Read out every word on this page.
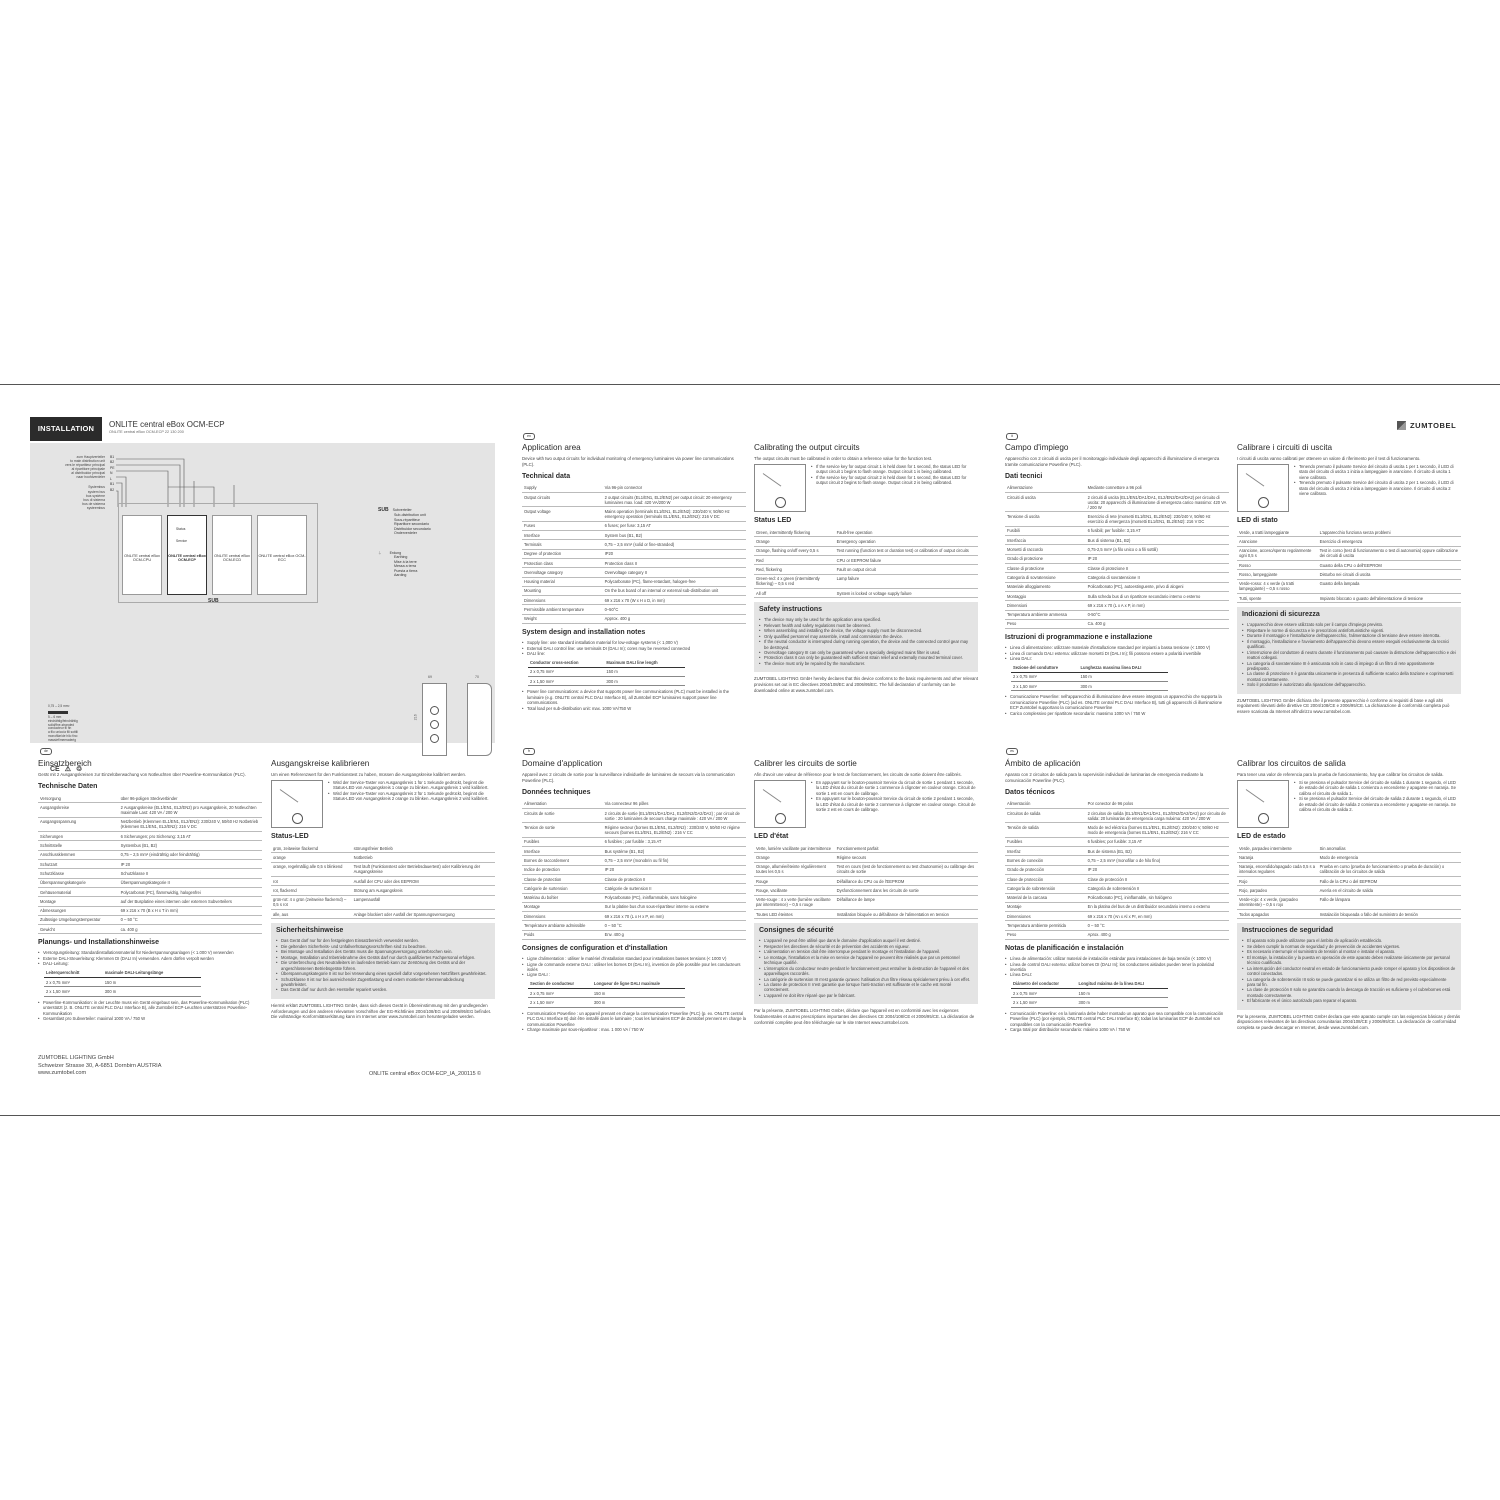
INSTALLATION	ONLITE central eBox OCM-ECP
ONLITE central eBox OCM-ECP 22 130 200
ZUMTOBEL
zum Hauptverteiler
to main distribution unit
vers le répartiteur principal
al ripartitore principale
al distribuidor principal
naar hoofdverdeler
Systembus
system bus
bus système
bus di sistema
bus de sistema
systeembus
B1
B2
PE
N
L
B1
B2
ONLITE central eBox OCM-CPU
Status
Service
ONLITE central eBox OCM-ECP
ONLITE central eBox OCM-ECD
ONLITE central eBox OCM-ECC
SUB
SUB Subverteiler
Sub-distribution unit
Sous-répartiteur
Ripartitore secondario
Distribuidor secundario
Onderverdeler
⏚ Erdung
Earthing
Mise à la terre
Messa a terra
Puesta a tierra
Aarding
0,75 – 2,5 mm²
5 – 6 mm
eindrähtig/feindrähtig
solid/fine-stranded
conducteur fil fin
a filo unico/a fili sottili
monofilar/de hilo fino
massief/meeraderig
CE ⚠ ♲
69	70
216
de
Einsatzbereich

Gerät mit 2 Ausgangskreisen zur Einzelüberwachung von Notleuchten über Powerline-Kommunikation (PLC).

Technische Daten
Versorgung	über 96-poligen Steckverbinder
Ausgangskreise	2 Ausgangskreise (EL1/EN1, EL2/EN2) pro Ausgangskreis, 20 Notleuchten maximale Last: 420 VA / 200 W
Ausgangsspannung	Netzbetrieb (Klemmen EL1/EN1, EL2/EN2): 230/240 V, 50/60 Hz Notbetrieb (Klemmen EL1/EN1, EL2/EN2): 216 V DC
Sicherungen	6 Sicherungen; pro Sicherung: 3,15 AT
Schnittstelle	Systembus (B1, B2)
Anschlussklemmen	0,75 – 2,5 mm² (eindrähtig oder feindrähtig)
Schutzart	IP 20
Schutzklasse	Schutzklasse II
Überspannungskategorie	Überspannungskategorie II
Gehäusematerial	Polycarbonat (PC), flammwidrig, halogenfrei
Montage	auf der Busplatine eines internen oder externen Subverteilers
Abmessungen	69 x 216 x 70 (B x H x T in mm)
Zulässige Umgebungstemperatur	0 – 50 °C
Gewicht	ca. 400 g
Planungs- und Installationshinweise
• Versorgungsleitung: Standardinstallationsmaterial für Niederspannungsanlagen (< 1.000 V) verwenden
• Externe DALI-Steuerleitung: Klemmen DI (DALI In) verwenden. Adern dürfen verpolt werden
• DALI-Leitung:
Leiterquerschnitt	maximale DALI-Leitungslänge
2 x 0,75 mm²	150 m
2 x 1,50 mm²	300 m
• Powerline-Kommunikation: in der Leuchte muss ein Gerät eingebaut sein, das Powerline-Kommunikation (PLC) unterstützt (z. B. ONLITE central PLC DALI Interface B), alle Zumtobel ECP-Leuchten unterstützen Powerline-Kommunikation
• Gesamtlast pro Subverteiler: maximal 1000 VA / 750 W
ZUMTOBEL LIGHTING GmbH
Schweizer Strasse 30, A-6851 Dornbirn AUSTRIA
www.zumtobel.com
Ausgangskreise kalibrieren

Um einen Referenzwert für den Funktionstest zu haben, müssen die Ausgangskreise kalibriert werden.

• Wird der Service-Taster von Ausgangskreis 1 für 1 Sekunde gedrückt, beginnt die Status-LED von Ausgangskreis 1 orange zu blinken. Ausgangskreis 1 wird kalibriert.
• Wird der Service-Taster von Ausgangskreis 2 für 1 Sekunde gedrückt, beginnt die Status-LED von Ausgangskreis 2 orange zu blinken. Ausgangskreis 2 wird kalibriert.
Status-LED
grün, zeitweise flackernd	störungsfreier Betrieb
orange	Notbetrieb
orange, regelmäßig alle 0,5 s blinkend	Test läuft (Funktionstest oder Betriebsdauertest) oder Kalibrierung der Ausgangskreise
rot	Ausfall der CPU oder des EEPROM
rot, flackernd	Störung am Ausgangskreis
grün-rot: 4 x grün (zeitweise flackernd) – 0,5 s rot	Lampenausfall
alle, aus	Anlage blockiert oder Ausfall der Spannungsversorgung
Sicherheitshinweise
• Das Gerät darf nur für den festgelegten Einsatzbereich verwendet werden.
• Die geltenden Sicherheits- und Unfallverhütungsvorschriften sind zu beachten.
• Bei Montage und Installation des Geräts muss die Spannungsversorgung unterbrochen sein.
• Montage, Installation und Inbetriebnahme des Geräts darf nur durch qualifiziertes Fachpersonal erfolgen.
• Die Unterbrechung des Neutralleiters im laufenden Betrieb kann zur Zerstörung des Geräts und der angeschlossenen Betriebsgeräte führen.
• Überspannungskategorie II ist nur bei Verwendung eines speziell dafür vorgesehenen Netzfilters gewährleistet.
• Schutzklasse II ist nur bei ausreichender Zugentlastung und extern montierter Klemmenabdeckung gewährleistet.
• Das Gerät darf nur durch den Hersteller repariert werden.

Hiermit erklärt ZUMTOBEL LIGHTING GmbH, dass sich dieses Gerät in Übereinstimmung mit den grundlegenden Anforderungen und den anderen relevanten Vorschriften der EG-Richtlinien 2004/108/EG und 2006/95/EG befindet. Die vollständige Konformitätserklärung kann im Internet unter www.zumtobel.com heruntergeladen werden.

ONLITE central eBox OCM-ECP_IA_200115 ©
en
Application area

Device with two output circuits for individual monitoring of emergency luminaires via power line communications (PLC).

Technical data
Supply	Via 96-pin connector
Output circuits	2 output circuits (EL1/EN1, EL2/EN2) per output circuit: 20 emergency luminaires max. load: 420 VA/200 W
Output voltage	Mains operation (terminals EL1/EN1, EL2/EN2): 230/240 V, 50/60 Hz emergency operation (terminals EL1/EN1, EL2/EN2): 216 V DC
Fuses	6 fuses; per fuse: 3,15 AT
Interface	System bus (B1, B2)
Terminals	0,75 – 2,5 mm² (solid or fine-stranded)
Degree of protection	IP20
Protection class	Protection class II
Overvoltage category	Overvoltage category II
Housing material	Polycarbonate (PC), flame-retardant, halogen-free
Mounting	On the bus board of an internal or external sub-distribution unit
Dimensions	69 x 216 x 70 (W x H x D, in mm)
Permissible ambient temperature	0–50°C
Weight	Approx. 400 g
System design and installation notes
• Supply line: use standard installation material for low-voltage systems (< 1,000 V)
• External DALI control line: use terminals DI (DALI In); cores may be reversed connected
• DALI line:
Conductor cross-section	Maximum DALI line length
2 x 0,75 mm²	150 m
2 x 1,50 mm²	300 m
• Power line communications: a device that supports power line communications (PLC) must be installed in the luminaire (e.g. ONLITE central PLC DALI Interface B), all Zumtobel ECP luminaires support power line communications.
• Total load per sub-distribution unit: max. 1000 VA/750 W
Calibrating the output circuits

The output circuits must be calibrated in order to obtain a reference value for the function test.

• If the service key for output circuit 1 is held down for 1 second, the status LED for output circuit 1 begins to flash orange. Output circuit 1 is being calibrated.
• If the service key for output circuit 2 is held down for 1 second, the status LED for output circuit 2 begins to flash orange. Output circuit 2 is being calibrated.
Status LED
Green, intermittently flickering	Fault-free operation
Orange	Emergency operation
Orange, flashing on/off every 0,5 s	Test running (function test or duration test) or calibration of output circuits
Red	CPU or EEPROM failure
Red, flickering	Fault on output circuit
Green-red: 4 x green (intermittently flickering) – 0,5 s red	Lamp failure
All off	System is locked or voltage supply failure
Safety instructions
• The device may only be used for the application area specified.
• Relevant health and safety regulations must be observed.
• When assembling and installing the device, the voltage supply must be disconnected.
• Only qualified personnel may assemble, install and commission the device.
• If the neutral conductor is interrupted during running operation, the device and the connected control gear may be destroyed.
• Overvoltage category III can only be guaranteed when a specially designed mains filter is used.
• Protection class II can only be guaranteed with sufficient strain relief and externally mounted terminal cover.
• The device must only be repaired by the manufacturer.

ZUMTOBEL LIGHTING GmbH hereby declares that this device conforms to the basic requirements and other relevant provisions set out in EC directives 2004/108/EC and 2006/95/EC. The full declaration of conformity can be downloaded online at www.zumtobel.com.

fr
Domaine d'application

Appareil avec 2 circuits de sortie pour la surveillance individuelle de luminaires de secours via la communication Powerline (PLC).

Données techniques
Alimentation	Via connecteur 96 pôles
Circuits de sortie	2 circuits de sortie (EL1/EN1/DA1/DA1, EL2/EN2/DA2/DA2) ; par circuit de sortie : 20 luminaires de secours charge maximale : 420 VA / 200 W
Tension de sortie	Régime secteur (bornes EL1/EN1, EL2/EN2) : 230/240 V, 50/60 Hz régime secours (bornes EL1/EN1, EL2/EN2) : 216 V CC
Fusibles	6 fusibles ; par fusible : 3,15 AT
Interface	Bus système (B1, B2)
Bornes de raccordement	0,75 – 2,5 mm² (monobrin ou fil fin)
Indice de protection	IP 20
Classe de protection	Classe de protection II
Catégorie de surtension	Catégorie de surtension II
Matériau du boîtier	Polycarbonate (PC), ininflammable, sans halogène
Montage	Sur la platine bus d'un sous-répartiteur interne ou externe
Dimensions	69 x 216 x 70 (L x H x P, en mm)
Température ambiante admissible	0 – 50 °C
Poids	Env. 400 g
Consignes de configuration et d'installation
• Ligne d'alimentation : utiliser le matériel d'installation standard pour installations basses tensions (< 1000 V)
• Ligne de commande externe DALI : utiliser les bornes DI (DALI In), inversion de pôle possible pour les conducteurs isolés
• Ligne DALI :
Section de conducteur	Longueur de ligne DALI maximale
2 x 0,75 mm²	150 m
2 x 1,50 mm²	300 m
• Communication Powerline : un appareil prenant en charge la communication Powerline (PLC) (p. ex. ONLITE central PLC DALI Interface B) doit être installé dans le luminaire ; tous les luminaires ECP de Zumtobel prennent en charge la communication Powerline
• Charge maximale par sous-répartiteur : max. 1 000 VA / 750 W
Calibrer les circuits de sortie

Afin d'avoir une valeur de référence pour le test de fonctionnement, les circuits de sortie doivent être calibrés.

• En appuyant sur le bouton-poussoir Service du circuit de sortie 1 pendant 1 seconde, la LED d'état du circuit de sortie 1 commence à clignoter en couleur orange. Circuit de sortie 1 est en cours de calibrage.
• En appuyant sur le bouton-poussoir Service du circuit de sortie 2 pendant 1 seconde, la LED d'état du circuit de sortie 2 commence à clignoter en couleur orange. Circuit de sortie 2 est en cours de calibrage.
LED d'état
Verte, lumière vacillante par intermittence	Fonctionnement parfait
Orange	Régime secours
Orange, allumée/éteinte régulièrement toutes les 0,5 s	Test en cours (test de fonctionnement ou test d'autonomie) ou calibrage des circuits de sortie
Rouge	Défaillance du CPU ou de l'EEPROM
Rouge, vacillante	Dysfonctionnement dans les circuits de sortie
Verte-rouge : 4 x verte (lumière vacillante par intermittence) – 0,5 s rouge	Défaillance de lampe
Toutes LED éteintes	Installation bloquée ou défaillance de l'alimentation en tension
Consignes de sécurité
• L'appareil ne peut être utilisé que dans le domaine d'application auquel il est destiné.
• Respecter les directives de sécurité et de prévention des accidents en vigueur.
• L'alimentation en tension doit être interrompue pendant le montage et l'installation de l'appareil.
• Le montage, l'installation et la mise en service de l'appareil ne peuvent être réalisés que par un personnel technique qualifié.
• L'interruption du conducteur neutre pendant le fonctionnement peut entraîner la destruction de l'appareil et des appareillages raccordés.
• La catégorie de surtension III n'est garantie qu'avec l'utilisation d'un filtre réseau spécialement prévu à cet effet.
• La classe de protection II n'est garantie que lorsque l'anti-traction est suffisante et le cache est monté correctement.
• L'appareil ne doit être réparé que par le fabricant.

Par la présente, ZUMTOBEL LIGHTING GmbH, déclare que l'appareil est en conformité avec les exigences fondamentales et autres prescriptions importantes des directives CE 2004/108/CE et 2006/95/CE. La déclaration de conformité complète peut être téléchargée sur le site Internet www.zumtobel.com.

it
Campo d'impiego

Apparecchio con 2 circuiti di uscita per il monitoraggio individuale degli apparecchi di illuminazione di emergenza tramite comunicazione Powerline (PLC).

Dati tecnici
Alimentazione	Mediante connettore a 96 poli
Circuiti di uscita	2 circuiti di uscita (EL1/EN1/DA1/DA1, EL2/EN2/DA2/DA2) per circuito di uscita: 20 apparecchi di illuminazione di emergenza carico massimo: 420 VA / 200 W
Tensione di uscita	Esercizio di rete (morsetti EL1/EN1, EL2/EN2): 230/240 V, 50/60 Hz esercizio di emergenza (morsetti EL1/EN1, EL2/EN2): 216 V DC
Fusibili	6 fusibili; per fusibile: 3,15 AT
Interfaccia	Bus di sistema (B1, B2)
Morsetti di raccordo	0,75-2,5 mm² (a filo unico o a fili sottili)
Grado di protezione	IP 20
Classe di protezione	Classe di protezione II
Categoria di sovratensione	Categoria di sovratensione II
Materiale alloggiamento	Policarbonato (PC), autoestinguente, privo di alogeni
Montaggio	Sulla scheda bus di un ripartitore secondario interno o esterno
Dimensioni	69 x 216 x 70 (L x A x P, in mm)
Temperatura ambiente ammessa	0-50°C
Peso	Ca. 400 g
Istruzioni di programmazione e installazione
• Linea di alimentazione: utilizzare materiale d'installazione standard per impianti a bassa tensione (< 1000 V)
• Linea di comando DALI esterna: utilizzare morsetti DI (DALI In); fili possono essere a polarità invertibile
• Linea DALI:
Sezione del conduttore	Lunghezza massima linea DALI
2 x 0,75 mm²	150 m
2 x 1,50 mm²	300 m
• Comunicazione Powerline: nell'apparecchio di illuminazione deve essere integrato un apparecchio che supporta la comunicazione Powerline (PLC) (ad es. ONLITE central PLC DALI Interface B), tutti gli apparecchi di illuminazione ECP Zumtobel supportano la comunicazione Powerline
• Carico complessivo per ripartitore secondario: massimo 1000 VA / 750 W
Calibrare i circuiti di uscita

I circuiti di uscita vanno calibrati per ottenere un valore di riferimento per il test di funzionamento.

• Tenendo premuto il pulsante Service del circuito di uscita 1 per 1 secondo, il LED di stato del circuito di uscita 1 inizia a lampeggiare in arancione. Il circuito di uscita 1 viene calibrato.
• Tenendo premuto il pulsante Service del circuito di uscita 2 per 1 secondo, il LED di stato del circuito di uscita 2 inizia a lampeggiare in arancione. Il circuito di uscita 2 viene calibrato.
LED di stato
Verde, a tratti lampeggiante	L'apparecchio funziona senza problemi
Arancione	Esercizio di emergenza
Arancione, acceso/spento regolarmente ogni 0,5 s	Test in corso (test di funzionamento o test di autonomia) oppure calibrazione dei circuiti di uscita
Rosso	Guasto della CPU o dell'EEPROM
Rosso, lampeggiante	Disturbo nei circuiti di uscita
Verde-rosso: 4 x verde (a tratti lampeggiante) – 0,5 s rosso	Guasto della lampada
Tutti, spente	Impianto bloccato o guasto dell'alimentazione di tensione
Indicazioni di sicurezza
• L'apparecchio deve essere utilizzato solo per il campo d'impiego previsto.
• Rispettare le norme di sicurezza e le prescrizioni antinfortunistiche vigenti.
• Durante il montaggio e l'installazione dell'apparecchio, l'alimentazione di tensione deve essere interrotta.
• Il montaggio, l'installazione e l'avviamento dell'apparecchio devono essere eseguiti esclusivamente da tecnici qualificati.
• L'interruzione del conduttore di neutro durante il funzionamento può causare la distruzione dell'apparecchio e dei reattori collegati.
• La categoria di sovratensione III è assicurata solo in caso di impiego di un filtro di rete appositamente predisposto.
• La classe di protezione II è garantita unicamente in presenza di sufficiente scarico della trazione e coprimorsetti montati correttamente.
• Solo il produttore è autorizzato alla riparazione dell'apparecchio.

ZUMTOBEL LIGHTING GmbH dichiara che il presente apparecchio è conforme ai requisiti di base e agli altri regolamenti rilevanti delle direttive CE 2004/108/CE e 2006/95/CE. La dichiarazione di conformità completa può essere scaricata da Internet all'indirizzo www.zumtobel.com.

es
Ámbito de aplicación

Aparato con 2 circuitos de salida para la supervisión individual de luminarias de emergencia mediante la comunicación Powerline (PLC).

Datos técnicos
Alimentación	Por conector de 96 polos
Circuitos de salida	2 circuitos de salida (EL1/EN1/DA1/DA1, EL2/EN2/DA2/DA2) por circuito de salida: 20 luminarias de emergencia carga máxima: 420 VA / 200 W
Tensión de salida	Modo de red eléctrica (bornes EL1/EN1, EL2/EN2): 230/240 V, 50/60 Hz modo de emergencia (bornes EL1/EN1, EL2/EN2): 216 V CC
Fusibles	6 fusibles; por fusible: 3,15 AT
Interfaz	Bus de sistema (B1, B2)
Bornes de conexión	0,75 – 2,5 mm² (monofilar o de hilo fino)
Grado de protección	IP 20
Clase de protección	Clase de protección II
Categoría de sobretensión	Categoría de sobretensión II
Material de la carcasa	Policarbonato (PC), ininflamable, sin halógeno
Montaje	En la platina del bus de un distribuidor secundario interno o externo
Dimensiones	69 x 216 x 70 (An x Al x Pr, en mm)
Temperatura ambiente permitida	0 – 50 °C
Peso	Aprox. 400 g
Notas de planificación e instalación
• Línea de alimentación: utilizar material de instalación estándar para instalaciones de baja tensión (< 1000 V)
• Línea de control DALI externa: utilizar bornes DI (DALI In); los conductores aislados pueden tener la polaridad invertida
• Línea DALI:
Diámetro del conductor	Longitud máxima de la línea DALI
2 x 0,75 mm²	150 m
2 x 1,50 mm²	300 m
• Comunicación Powerline: en la luminaria debe haber montado un aparato que sea compatible con la comunicación Powerline (PLC) (por ejemplo, ONLITE central PLC DALI Interface B); todas las luminarias ECP de Zumtobel son compatibles con la comunicación Powerline
• Carga total por distribuidor secundario: máximo 1000 VA / 750 W
Calibrar los circuitos de salida

Para tener una valor de referencia para la prueba de funcionamiento, hay que calibrar los circuitos de salida.

• Si se presiona el pulsador Service del circuito de salida 1 durante 1 segundo, el LED de estado del circuito de salida 1 comienza a encenderse y apagarse en naranja. Se calibra el circuito de salida 1.
• Si se presiona el pulsador Service del circuito de salida 2 durante 1 segundo, el LED de estado del circuito de salida 2 comienza a encenderse y apagarse en naranja. Se calibra el circuito de salida 2.
LED de estado
Verde, parpadeo intermitente	Sin anomalías
Naranja	Modo de emergencia
Naranja, encendido/apagado cada 0,5 s a intervalos regulares	Prueba en curso (prueba de funcionamiento o prueba de duración) o calibración de los circuitos de salida
Rojo	Fallo de la CPU o del EEPROM
Rojo, parpadeo	Avería en el circuito de salida
Verde-rojo: 4 x verde, (parpadeo intermitente) – 0,5 s rojo	Fallo de lámpara
Todos apagados	Instalación bloqueada o fallo del suministro de tensión
Instrucciones de seguridad
• El aparato solo puede utilizarse para el ámbito de aplicación establecido.
• Se deben cumplir la normas de seguridad y de prevención de accidentes vigentes.
• Es necesario interrumpir el suministro de tensión al montar e instalar el aparato.
• El montaje, la instalación y la puesta en operación de este aparato deben realizarse únicamente por personal técnico cualificado.
• La interrupción del conductor neutral en estado de funcionamiento puede romper el aparato y los dispositivos de control conectados.
• La categoría de sobretensión III solo se puede garantizar si se utiliza un filtro de red previsto especialmente para tal fin.
• La clase de protección II solo se garantiza cuando la descarga de tracción es suficiente y el cubrebornes está montado correctamente.
• El fabricante es el único autorizado para reparar el aparato.

Por la presente, ZUMTOBEL LIGHTING GmbH declara que este aparato cumple con las exigencias básicas y demás disposiciones relevantes de las directivas comunitarias 2004/108/CE y 2006/95/CE. La declaración de conformidad completa se puede descargar en Internet, desde www.zumtobel.com.
